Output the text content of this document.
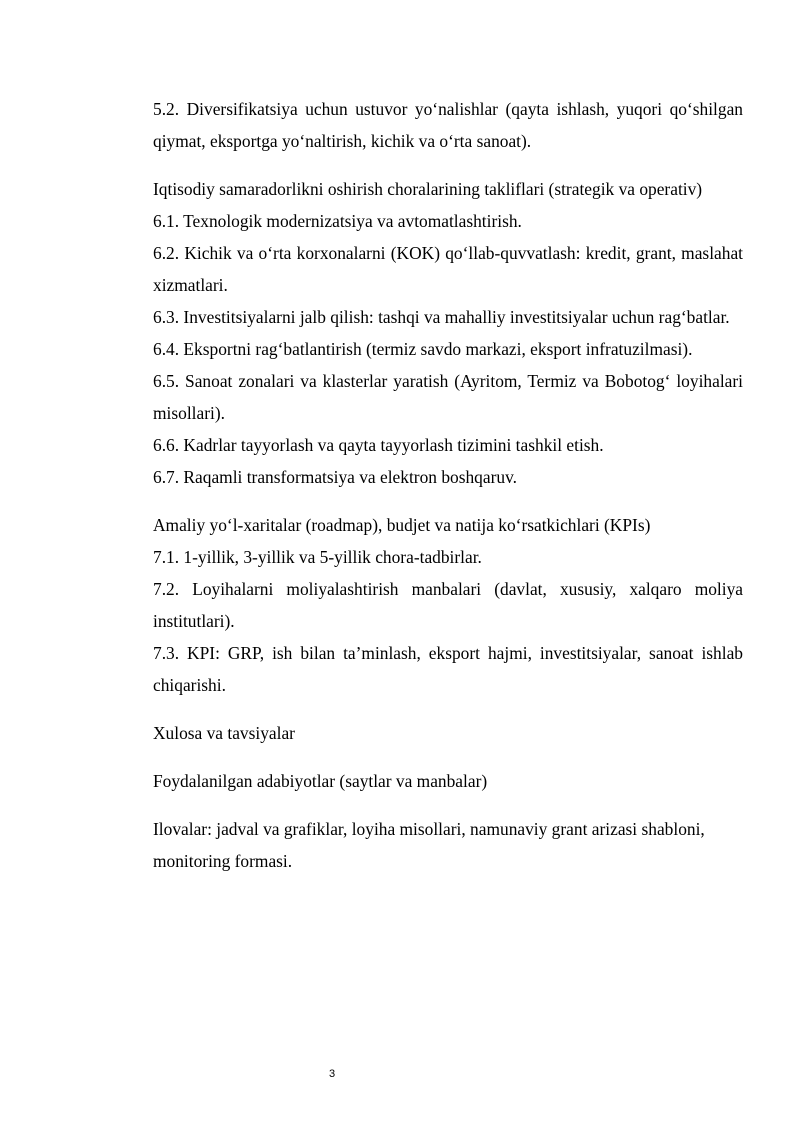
5.2. Diversifikatsiya uchun ustuvor yo‘nalishlar (qayta ishlash, yuqori qo‘shilgan qiymat, eksportga yo‘naltirish, kichik va o‘rta sanoat).

Iqtisodiy samaradorlikni oshirish choralarining takliflari (strategik va operativ)

6.1. Texnologik modernizatsiya va avtomatlashtirish.

6.2. Kichik va o‘rta korxonalarni (KOK) qo‘llab-quvvatlash: kredit, grant, maslahat xizmatlari.

6.3. Investitsiyalarni jalb qilish: tashqi va mahalliy investitsiyalar uchun rag‘batlar.

6.4. Eksportni rag‘batlantirish (termiz savdo markazi, eksport infratuzilmasi).

6.5. Sanoat zonalari va klasterlar yaratish (Ayritom, Termiz va Bobotog‘ loyihalari misollari).

6.6. Kadrlar tayyorlash va qayta tayyorlash tizimini tashkil etish.

6.7. Raqamli transformatsiya va elektron boshqaruv.

Amaliy yo‘l-xaritalar (roadmap), budjet va natija ko‘rsatkichlari (KPIs)

7.1. 1-yillik, 3-yillik va 5-yillik chora-tadbirlar.

7.2. Loyihalarni moliyalashtirish manbalari (davlat, xususiy, xalqaro moliya institutlari).

7.3. KPI: GRP, ish bilan ta’minlash, eksport hajmi, investitsiyalar, sanoat ishlab chiqarishi.

Xulosa va tavsiyalar

Foydalanilgan adabiyotlar (saytlar va manbalar)

Ilovalar: jadval va grafiklar, loyiha misollari, namunaviy grant arizasi shabloni, monitoring formasi.

3
